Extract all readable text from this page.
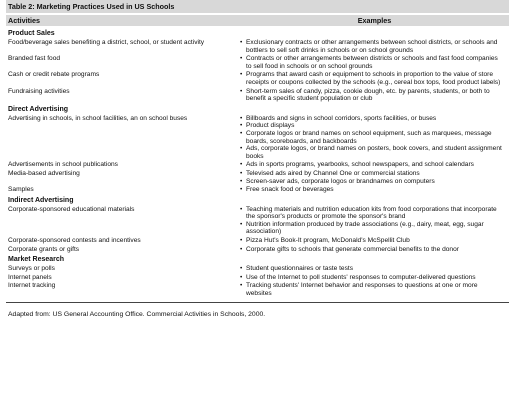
Table 2: Marketing Practices Used in US Schools
Activities	Examples
Product Sales
Food/beverage sales benefiting a district, school, or student activity	• Exclusionary contracts or other arrangements between school districts, or schools and bottlers to sell soft drinks in schools or on school grounds
Branded fast food	• Contracts or other arrangements between districts or schools and fast food companies to sell food in schools or on school grounds
Cash or credit rebate programs	• Programs that award cash or equipment to schools in proportion to the value of store receipts or coupons collected by the schools (e.g., cereal box tops, food product labels)
Fundraising activities	• Short-term sales of candy, pizza, cookie dough, etc. by parents, students, or both to benefit a specific student population or club
Direct Advertising
Advertising in schools, in school facilities, an on school buses	• Billboards and signs in school corridors, sports facilities, or buses
• Product displays
• Corporate logos or brand names on school equipment, such as marquees, message boards, scoreboards, and backboards
• Ads, corporate logos, or brand names on posters, book covers, and student assignment books
Advertisements in school publications	• Ads in sports programs, yearbooks, school newspapers, and school calendars
Media-based advertising	• Televised ads aired by Channel One or commercial stations
• Screen-saver ads, corporate logos or brandnames on computers
Samples	• Free snack food or beverages
Indirect Advertising
Corporate-sponsored educational materials	• Teaching materials and nutrition education kits from food corporations that incorporate the sponsor's products or promote the sponsor's brand
• Nutrition information produced by trade associations (e.g., dairy, meat, egg, sugar association)
Corporate-sponsored contests and incentives	• Pizza Hut's Book-It program, McDonald's McSpellit Club
Corporate grants or gifts	• Corporate gifts to schools that generate commercial benefits to the donor
Market Research
Surveys or polls	• Student questionnaires or taste tests
Internet panels	• Use of the Internet to poll students' responses to computer-delivered questions
Internet tracking	• Tracking students' Internet behavior and responses to questions at one or more websites
Adapted from: US General Accounting Office. Commercial Activities in Schools, 2000.
